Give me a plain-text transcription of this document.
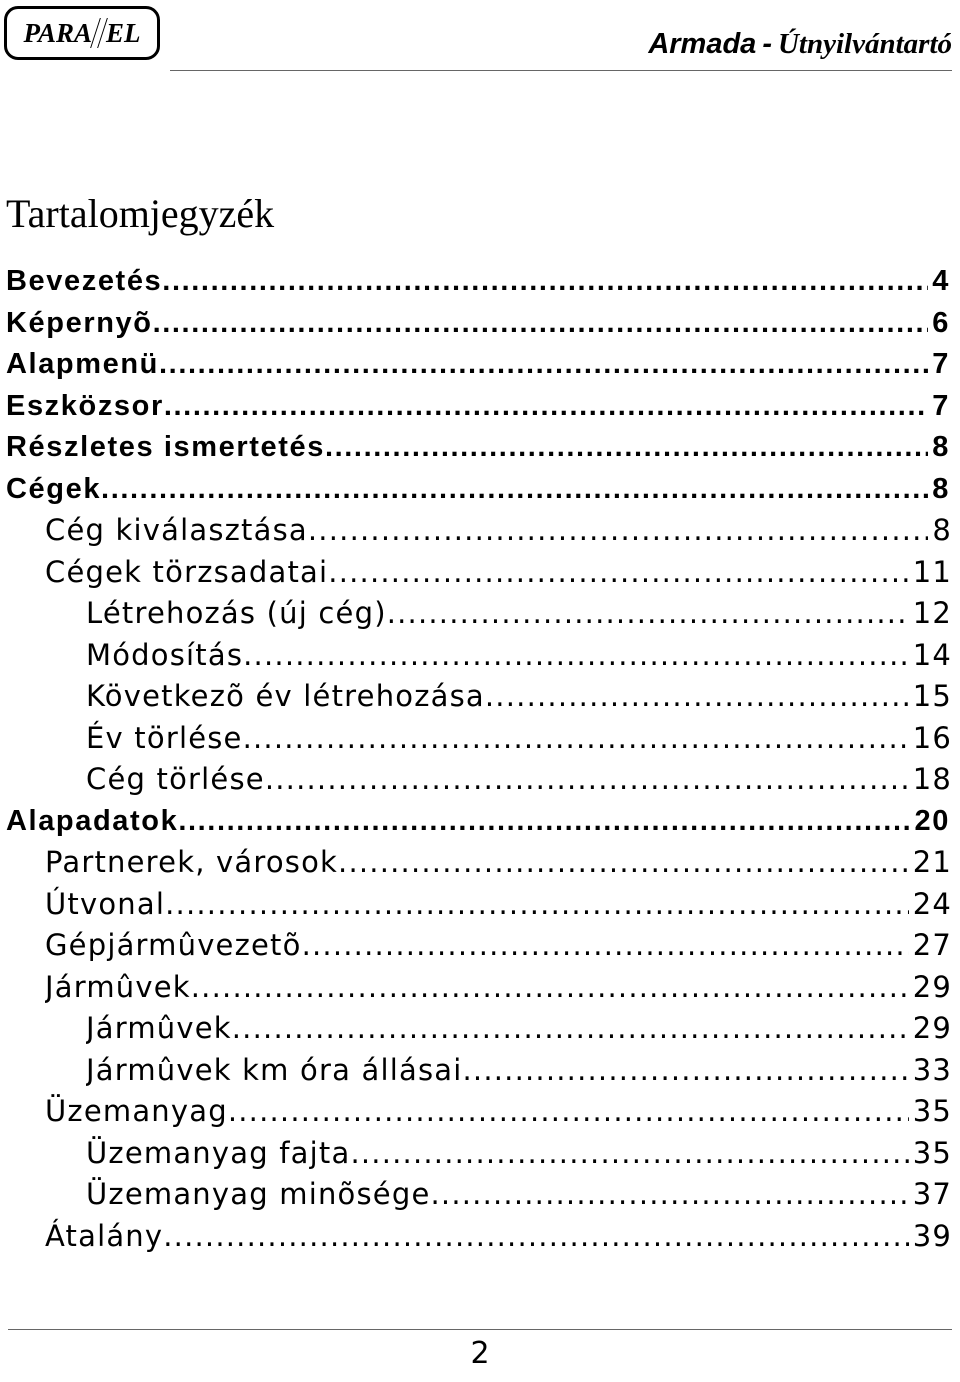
PARA EL	Armada - Útnyilvántartó
Tartalomjegyzék
Bevezetés .....	4
Képernyõ .....	6
Alapmenü .....	7
Eszközsor .....	7
Részletes ismertetés .....	8
Cégek .....	8
Cég kiválasztása .....	8
Cégek törzsadatai .....	11
Létrehozás (új cég) .....	12
Módosítás .....	14
Következõ év létrehozása .....	15
Év törlése .....	16
Cég törlése .....	18
Alapadatok .....	20
Partnerek, városok .....	21
Útvonal .....	24
Gépjármûvezetõ .....	27
Jármûvek .....	29
Jármûvek .....	29
Jármûvek km óra állásai .....	33
Üzemanyag .....	35
Üzemanyag fajta .....	35
Üzemanyag minõsége .....	37
Átalány .....	39
2
